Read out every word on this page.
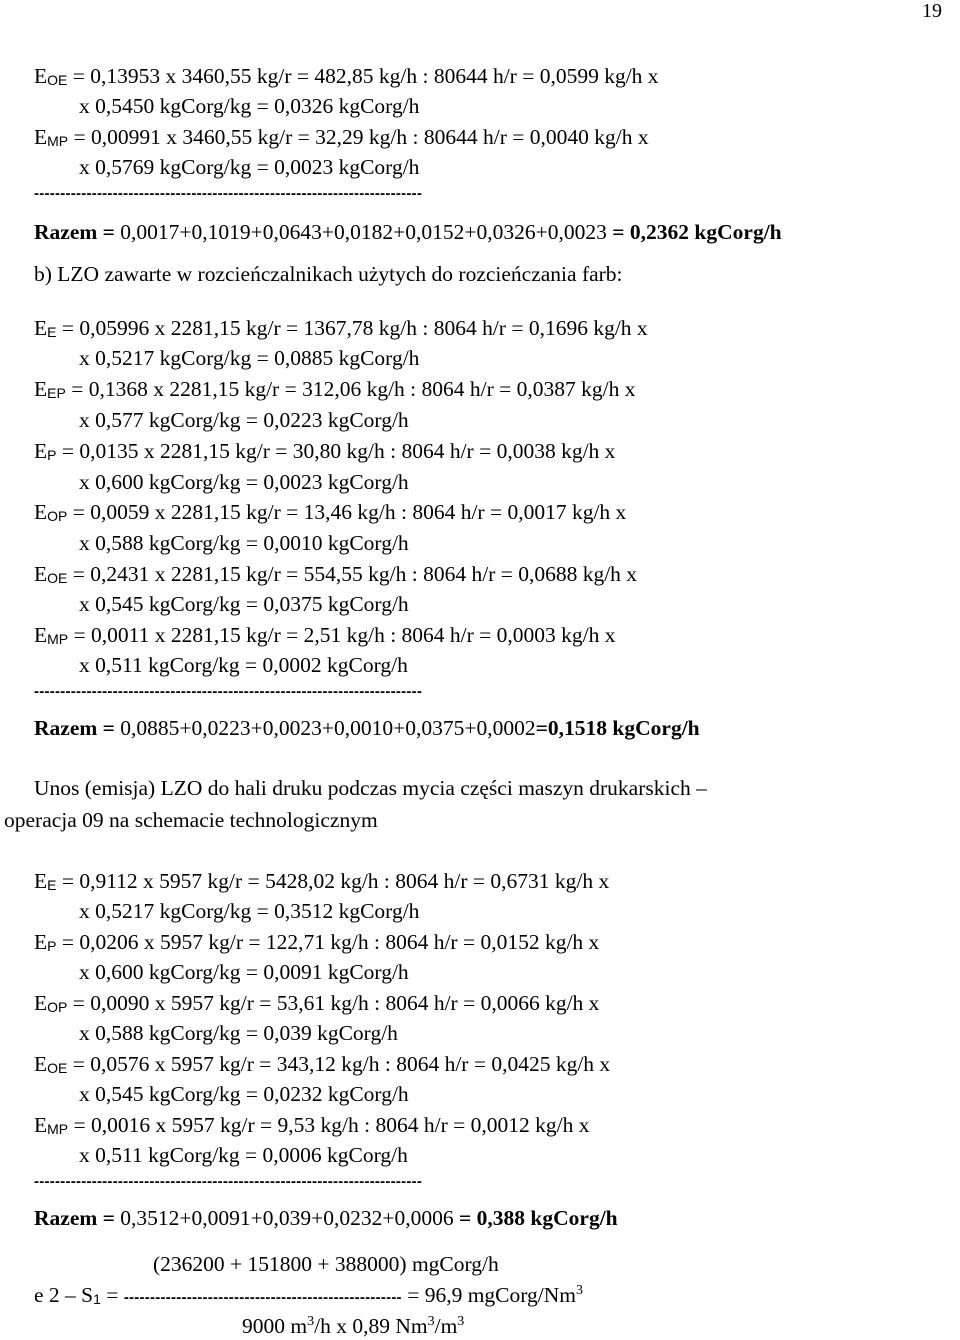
19
$E_{OE} = 0,13953$ x 3460,55 kg/r = 482,85 kg/h : 80644 h/r = 0,0599 kg/h x
x 0,5450 kgCorg/kg = 0,0326 kgCorg/h
$E_{MP} = 0,00991$ x 3460,55 kg/r = 32,29 kg/h : 80644 h/r = 0,0040 kg/h x
x 0,5769 kgCorg/kg = 0,0023 kgCorg/h
--------------------------------------------------------------------------
Razem = 0,0017+0,1019+0,0643+0,0182+0,0152+0,0326+0,0023 = 0,2362 kgCorg/h
b) LZO zawarte w rozcieńczalnikach użytych do rozcieńczania farb:
$E_E = 0,05996$ x 2281,15 kg/r = 1367,78 kg/h : 8064 h/r = 0,1696 kg/h x
x 0,5217 kgCorg/kg = 0,0885 kgCorg/h
$E_{EP} = 0,1368$ x 2281,15 kg/r = 312,06 kg/h : 8064 h/r = 0,0387 kg/h x
x 0,577 kgCorg/kg = 0,0223 kgCorg/h
$E_P = 0,0135$ x 2281,15 kg/r = 30,80 kg/h : 8064 h/r = 0,0038 kg/h x
x 0,600 kgCorg/kg = 0,0023 kgCorg/h
$E_{OP} = 0,0059$ x 2281,15 kg/r = 13,46 kg/h : 8064 h/r = 0,0017 kg/h x
x 0,588 kgCorg/kg = 0,0010 kgCorg/h
$E_{OE} = 0,2431$ x 2281,15 kg/r = 554,55 kg/h : 8064 h/r = 0,0688 kg/h x
x 0,545 kgCorg/kg = 0,0375 kgCorg/h
$E_{MP} = 0,0011$ x 2281,15 kg/r = 2,51 kg/h : 8064 h/r = 0,0003 kg/h x
x 0,511 kgCorg/kg = 0,0002 kgCorg/h
--------------------------------------------------------------------------
Razem = 0,0885+0,0223+0,0023+0,0010+0,0375+0,0002=0,1518 kgCorg/h
Unos (emisja) LZO do hali druku podczas mycia części maszyn drukarskich –
operacja 09 na schemacie technologicznym
$E_E = 0,9112$ x 5957 kg/r = 5428,02 kg/h : 8064 h/r = 0,6731 kg/h x
x 0,5217 kgCorg/kg = 0,3512 kgCorg/h
$E_P = 0,0206$ x 5957 kg/r = 122,71 kg/h : 8064 h/r = 0,0152 kg/h x
x 0,600 kgCorg/kg = 0,0091 kgCorg/h
$E_{OP} = 0,0090$ x 5957 kg/r = 53,61 kg/h : 8064 h/r = 0,0066 kg/h x
x 0,588 kgCorg/kg = 0,039 kgCorg/h
$E_{OE} = 0,0576$ x 5957 kg/r = 343,12 kg/h : 8064 h/r = 0,0425 kg/h x
x 0,545 kgCorg/kg = 0,0232 kgCorg/h
$E_{MP} = 0,0016$ x 5957 kg/r = 9,53 kg/h : 8064 h/r = 0,0012 kg/h x
x 0,511 kgCorg/kg = 0,0006 kgCorg/h
--------------------------------------------------------------------------
Razem = 0,3512+0,0091+0,039+0,0232+0,0006 = 0,388 kgCorg/h
(236200 + 151800 + 388000) mgCorg/h
e $2 - S_1$ = ----------------------------------------------------- = 96,9 mgCorg/Nm$^3$
9000 $m^3/h$ x 0,89 $Nm^3/m^3$
